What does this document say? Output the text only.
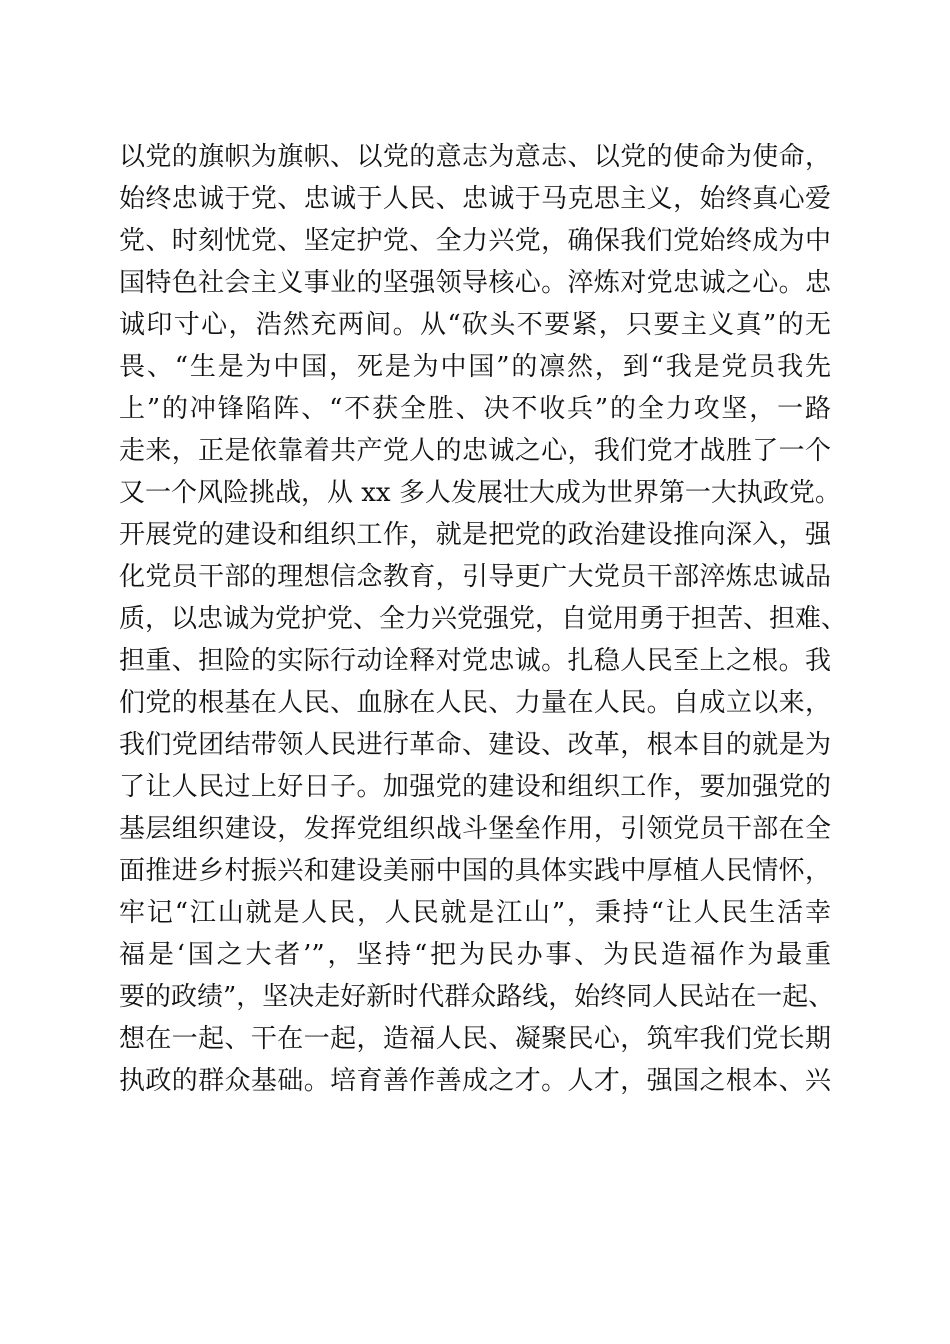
以党的旗帜为旗帜、以党的意志为意志、以党的使命为使命，
始终忠诚于党、忠诚于人民、忠诚于马克思主义，始终真心爱
党、时刻忧党、坚定护党、全力兴党，确保我们党始终成为中
国特色社会主义事业的坚强领导核心。淬炼对党忠诚之心。忠
诚印寸心，浩然充两间。从“砍头不要紧，只要主义真”的无
畏、“生是为中国，死是为中国”的凛然，到“我是党员我先
上”的冲锋陷阵、“不获全胜、决不收兵”的全力攻坚，一路
走来，正是依靠着共产党人的忠诚之心，我们党才战胜了一个
又一个风险挑战，从 xx 多人发展壮大成为世界第一大执政党。
开展党的建设和组织工作，就是把党的政治建设推向深入，强
化党员干部的理想信念教育，引导更广大党员干部淬炼忠诚品
质，以忠诚为党护党、全力兴党强党，自觉用勇于担苦、担难、
担重、担险的实际行动诠释对党忠诚。扎稳人民至上之根。我
们党的根基在人民、血脉在人民、力量在人民。自成立以来，
我们党团结带领人民进行革命、建设、改革，根本目的就是为
了让人民过上好日子。加强党的建设和组织工作，要加强党的
基层组织建设，发挥党组织战斗堡垒作用，引领党员干部在全
面推进乡村振兴和建设美丽中国的具体实践中厚植人民情怀，
牢记“江山就是人民，人民就是江山”，秉持“让人民生活幸
福是‘国之大者’”，坚持“把为民办事、为民造福作为最重
要的政绩”，坚决走好新时代群众路线，始终同人民站在一起、
想在一起、干在一起，造福人民、凝聚民心，筑牢我们党长期
执政的群众基础。培育善作善成之才。人才，强国之根本、兴
